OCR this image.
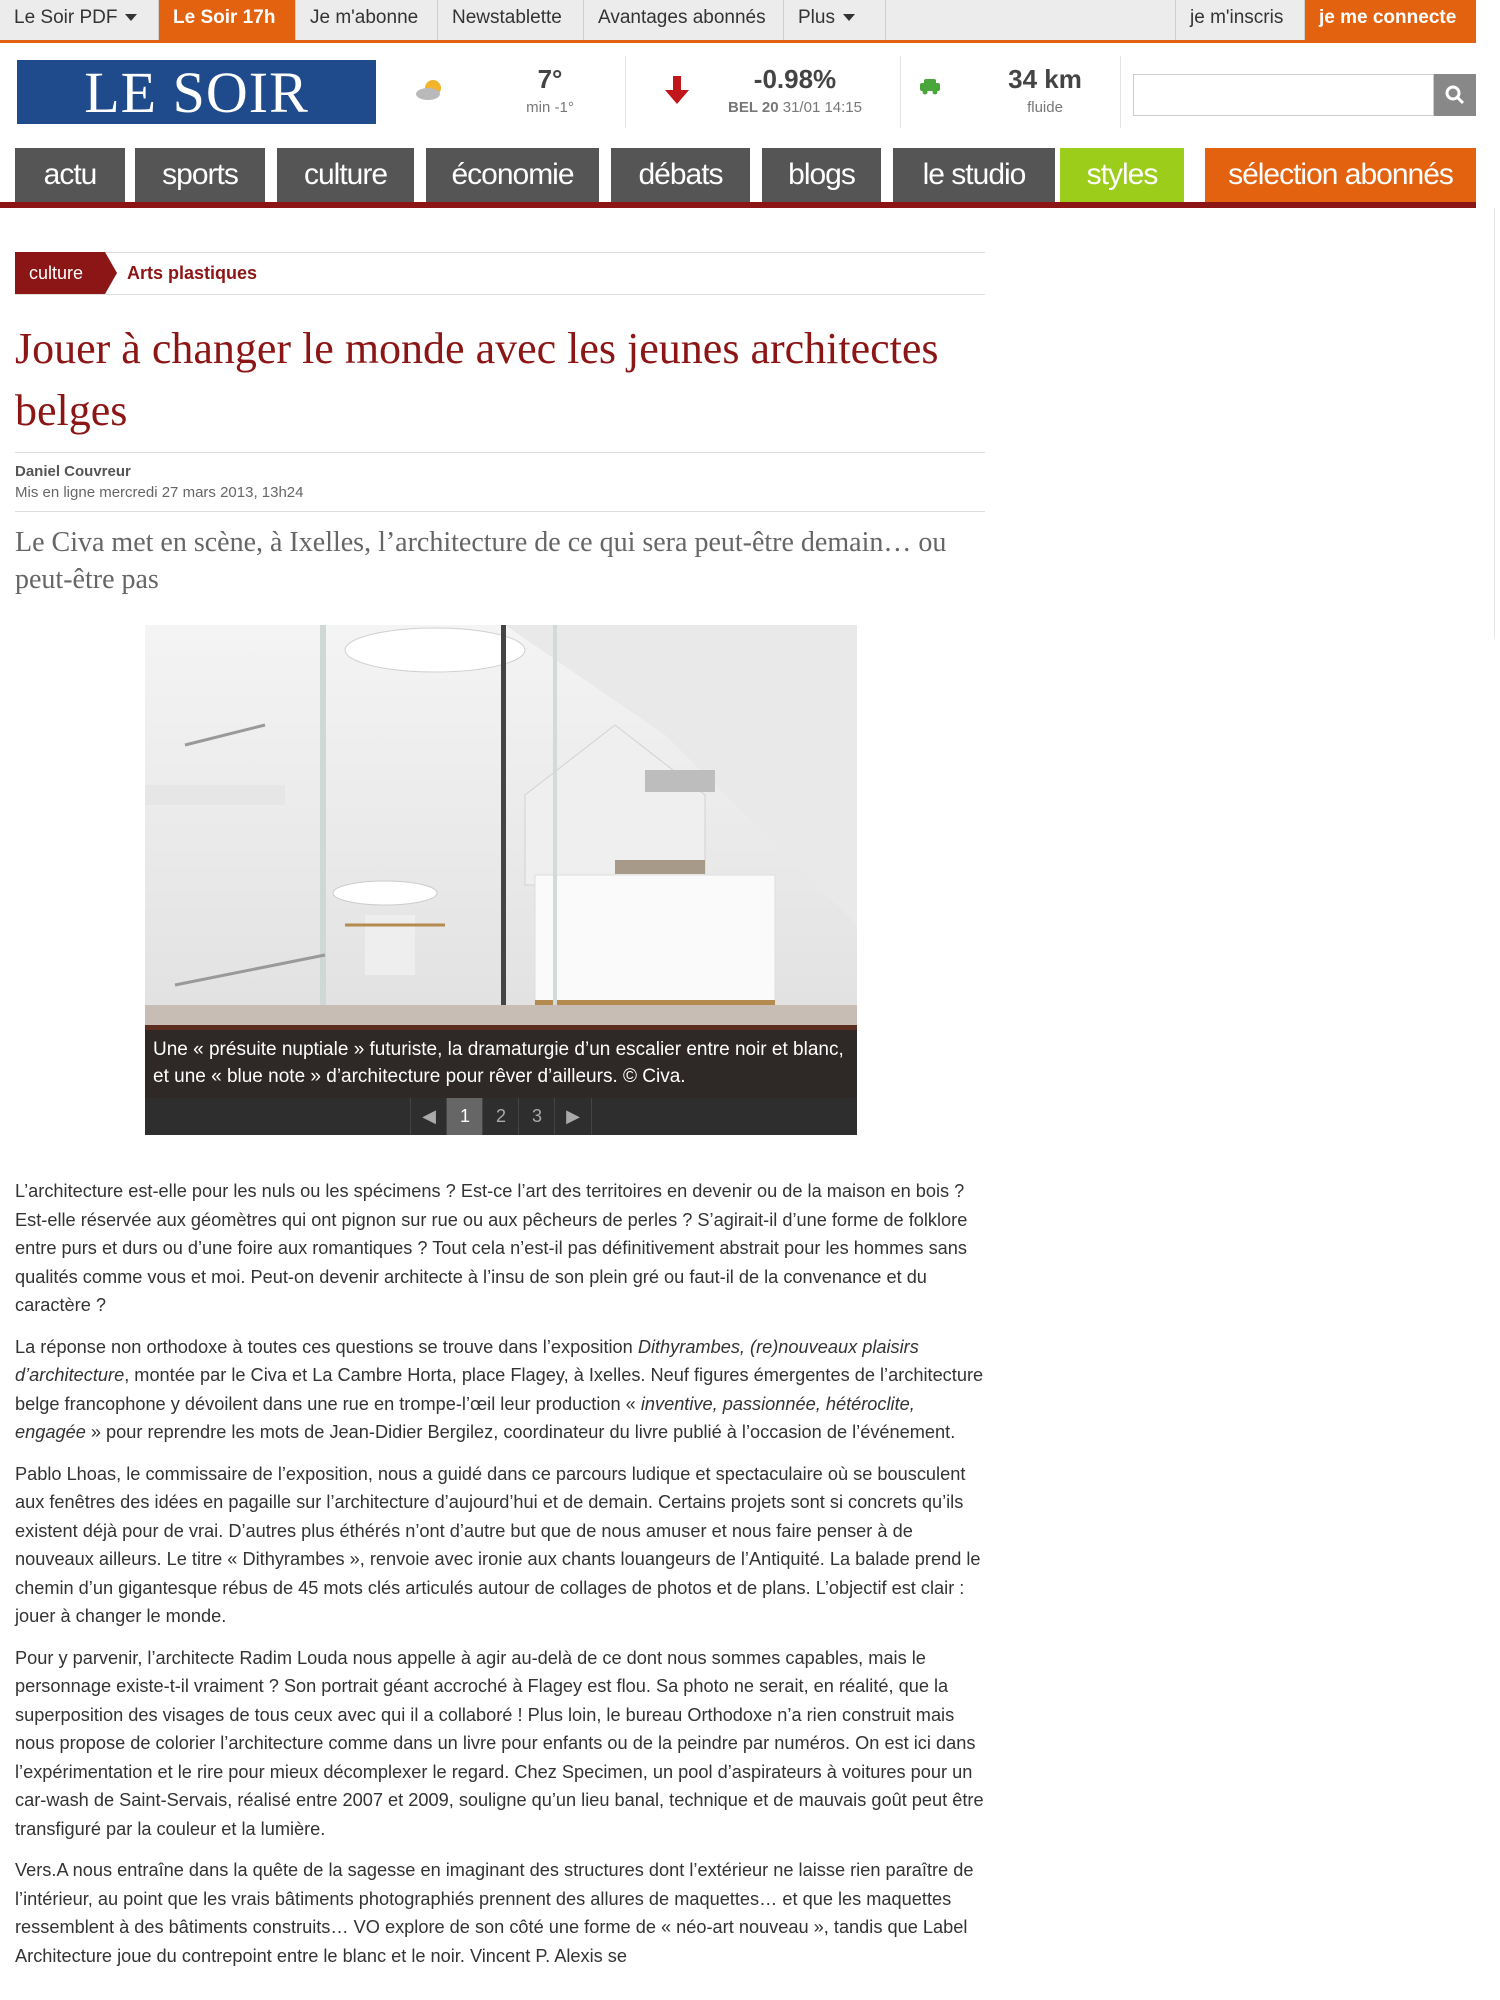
Le Soir PDF	Le Soir 17h	Je m'abonne	Newstablette	Avantages abonnés	Plus	je m'inscris	je me connecte
LE SOIR	7°
min -1°
-0.98%
BEL 20 31/01 14:15
34 km
fluide
actu	sports	culture	économie	débats	blogs	le studio	styles	sélection abonnés
culture	Arts plastiques
Jouer à changer le monde avec les jeunes architectes belges
Daniel Couvreur
Mis en ligne mercredi 27 mars 2013, 13h24

Le Civa met en scène, à Ixelles, l’architecture de ce qui sera peut-être demain… ou peut-être pas

Une « présuite nuptiale » futuriste, la dramaturgie d’un escalier entre noir et blanc, et une « blue note » d’architecture pour rêver d’ailleurs. © Civa.
◀	1	2	3	▶

L’architecture est-elle pour les nuls ou les spécimens ? Est-ce l’art des territoires en devenir ou de la maison en bois ? Est-elle réservée aux géomètres qui ont pignon sur rue ou aux pêcheurs de perles ? S’agirait-il d’une forme de folklore entre purs et durs ou d’une foire aux romantiques ? Tout cela n’est-il pas définitivement abstrait pour les hommes sans qualités comme vous et moi. Peut-on devenir architecte à l’insu de son plein gré ou faut-il de la convenance et du caractère ?

La réponse non orthodoxe à toutes ces questions se trouve dans l’exposition Dithyrambes, (re)nouveaux plaisirs d’architecture, montée par le Civa et La Cambre Horta, place Flagey, à Ixelles. Neuf figures émergentes de l’architecture belge francophone y dévoilent dans une rue en trompe-l’œil leur production « inventive, passionnée, hétéroclite, engagée » pour reprendre les mots de Jean-Didier Bergilez, coordinateur du livre publié à l’occasion de l’événement.

Pablo Lhoas, le commissaire de l’exposition, nous a guidé dans ce parcours ludique et spectaculaire où se bousculent aux fenêtres des idées en pagaille sur l’architecture d’aujourd’hui et de demain. Certains projets sont si concrets qu’ils existent déjà pour de vrai. D’autres plus éthérés n’ont d’autre but que de nous amuser et nous faire penser à de nouveaux ailleurs. Le titre « Dithyrambes », renvoie avec ironie aux chants louangeurs de l’Antiquité. La balade prend le chemin d’un gigantesque rébus de 45 mots clés articulés autour de collages de photos et de plans. L’objectif est clair : jouer à changer le monde.

Pour y parvenir, l’architecte Radim Louda nous appelle à agir au-delà de ce dont nous sommes capables, mais le personnage existe-t-il vraiment ? Son portrait géant accroché à Flagey est flou. Sa photo ne serait, en réalité, que la superposition des visages de tous ceux avec qui il a collaboré ! Plus loin, le bureau Orthodoxe n’a rien construit mais nous propose de colorier l’architecture comme dans un livre pour enfants ou de la peindre par numéros. On est ici dans l’expérimentation et le rire pour mieux décomplexer le regard. Chez Specimen, un pool d’aspirateurs à voitures pour un car-wash de Saint-Servais, réalisé entre 2007 et 2009, souligne qu’un lieu banal, technique et de mauvais goût peut être transfiguré par la couleur et la lumière.

Vers.A nous entraîne dans la quête de la sagesse en imaginant des structures dont l’extérieur ne laisse rien paraître de l’intérieur, au point que les vrais bâtiments photographiés prennent des allures de maquettes… et que les maquettes ressemblent à des bâtiments construits… VO explore de son côté une forme de « néo-art nouveau », tandis que Label Architecture joue du contrepoint entre le blanc et le noir. Vincent P. Alexis se
